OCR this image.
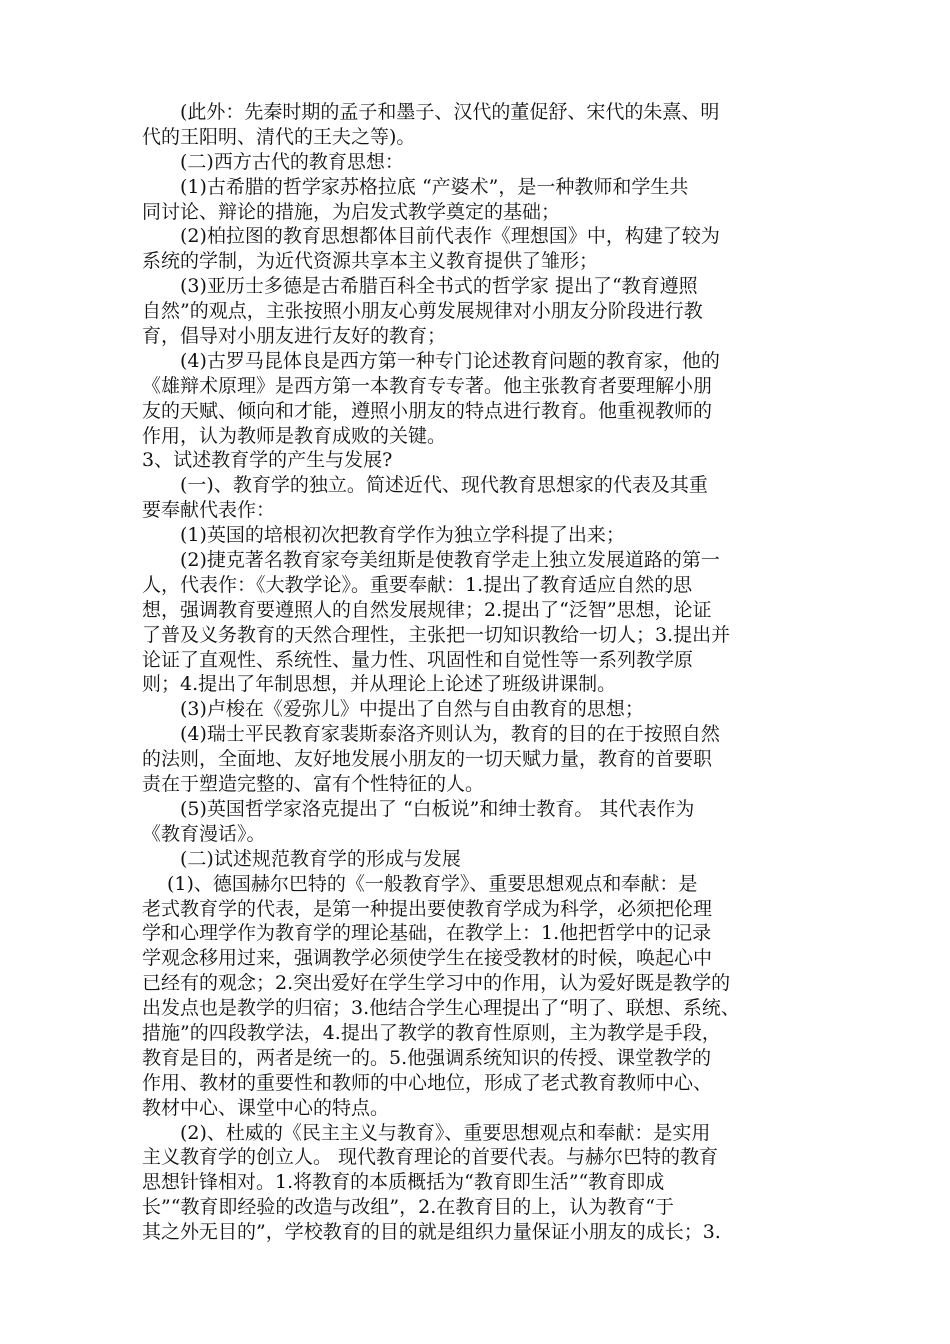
(此外：先秦时期的孟子和墨子、汉代的董促舒、宋代的朱熹、明
代的王阳明、清代的王夫之等)。
(二)西方古代的教育思想：
(1)古希腊的哲学家苏格拉底 “产婆术”，是一种教师和学生共
同讨论、辩论的措施，为启发式教学奠定的基础；
(2)柏拉图的教育思想都体目前代表作《理想国》中，构建了较为
系统的学制，为近代资源共享本主义教育提供了雏形；
(3)亚历士多德是古希腊百科全书式的哲学家 提出了“教育遵照
自然”的观点，主张按照小朋友心剪发展规律对小朋友分阶段进行教
育，倡导对小朋友进行友好的教育；
(4)古罗马昆体良是西方第一种专门论述教育问题的教育家，他的
《雄辩术原理》是西方第一本教育专专著。他主张教育者要理解小朋
友的天赋、倾向和才能，遵照小朋友的特点进行教育。他重视教师的
作用，认为教师是教育成败的关键。
3、试述教育学的产生与发展?
(一)、教育学的独立。简述近代、现代教育思想家的代表及其重
要奉献代表作：
(1)英国的培根初次把教育学作为独立学科提了出来；
(2)捷克著名教育家夸美纽斯是使教育学走上独立发展道路的第一
人，代表作：《大教学论》。重要奉献：1.提出了教育适应自然的思
想，强调教育要遵照人的自然发展规律；2.提出了“泛智”思想，论证
了普及义务教育的天然合理性，主张把一切知识教给一切人；3.提出并
论证了直观性、系统性、量力性、巩固性和自觉性等一系列教学原
则；4.提出了年制思想，并从理论上论述了班级讲课制。
(3)卢梭在《爱弥儿》中提出了自然与自由教育的思想；
(4)瑞士平民教育家裴斯泰洛齐则认为，教育的目的在于按照自然
的法则，全面地、友好地发展小朋友的一切天赋力量，教育的首要职
责在于塑造完整的、富有个性特征的人。
(5)英国哲学家洛克提出了 “白板说”和绅士教育。 其代表作为
《教育漫话》。
(二)试述规范教育学的形成与发展
(1)、德国赫尔巴特的《一般教育学》、重要思想观点和奉献：是
老式教育学的代表，是第一种提出要使教育学成为科学，必须把伦理
学和心理学作为教育学的理论基础，在教学上：1.他把哲学中的记录
学观念移用过来，强调教学必须使学生在接受教材的时候，唤起心中
已经有的观念；2.突出爱好在学生学习中的作用，认为爱好既是教学的
出发点也是教学的归宿；3.他结合学生心理提出了“明了、联想、系统、
措施”的四段教学法，4.提出了教学的教育性原则，主为教学是手段，
教育是目的，两者是统一的。5.他强调系统知识的传授、课堂教学的
作用、教材的重要性和教师的中心地位，形成了老式教育教师中心、
教材中心、课堂中心的特点。
(2)、杜威的《民主主义与教育》、重要思想观点和奉献：是实用
主义教育学的创立人。 现代教育理论的首要代表。与赫尔巴特的教育
思想针锋相对。1.将教育的本质概括为“教育即生活”“教育即成
长”“教育即经验的改造与改组”，2.在教育目的上，认为教育“于
其之外无目的”，学校教育的目的就是组织力量保证小朋友的成长；3.
